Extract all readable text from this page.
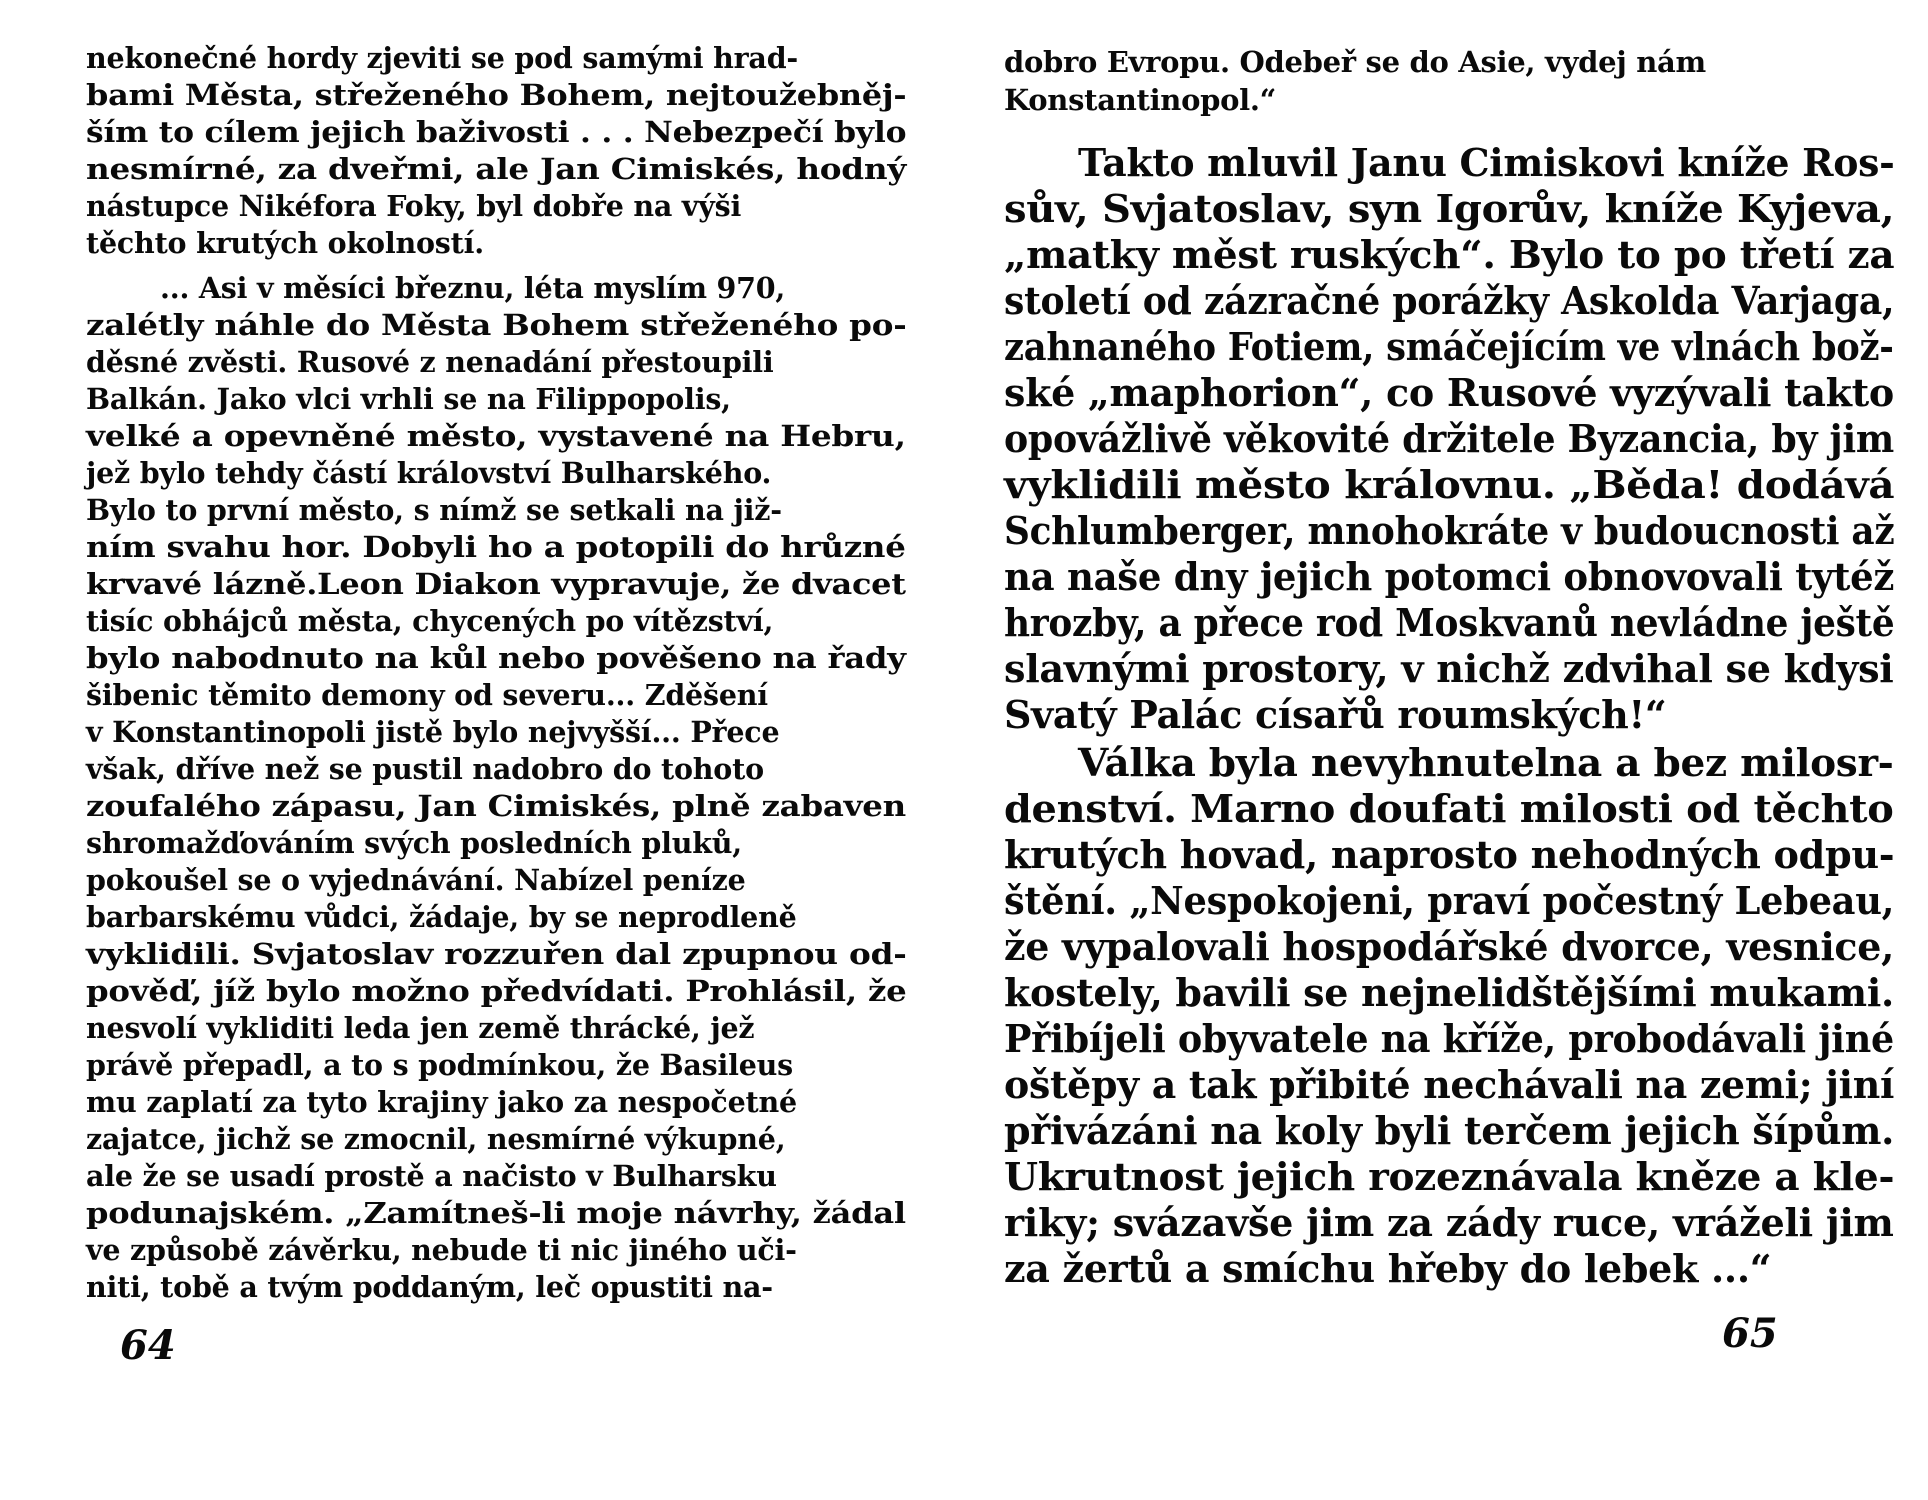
nekonečné hordy zjeviti se pod samými hrad-
bami Města, střeženého Bohem, nejtoužebněj-
ším to cílem jejich baživosti . . . Nebezpečí bylo
nesmírné, za dveřmi, ale Jan Cimiskés, hodný
nástupce Nikéfora Foky, byl dobře na výši
těchto krutých okolností.
... Asi v měsíci březnu, léta myslím 970,
zalétly náhle do Města Bohem střeženého po-
děsné zvěsti. Rusové z nenadání přestoupili
Balkán. Jako vlci vrhli se na Filippopolis,
velké a opevněné město, vystavené na Hebru,
jež bylo tehdy částí království Bulharského.
Bylo to první město, s nímž se setkali na již-
ním svahu hor. Dobyli ho a potopili do hrůzné
krvavé lázně.Leon Diakon vypravuje, že dvacet
tisíc obhájců města, chycených po vítězství,
bylo nabodnuto na kůl nebo pověšeno na řady
šibenic těmito demony od severu... Zděšení
v Konstantinopoli jistě bylo nejvyšší... Přece
však, dříve než se pustil nadobro do tohoto
zoufalého zápasu, Jan Cimiskés, plně zabaven
shromažďováním svých posledních pluků,
pokoušel se o vyjednávání. Nabízel peníze
barbarskému vůdci, žádaje, by se neprodleně
vyklidili. Svjatoslav rozzuřen dal zpupnou od-
pověď, jíž bylo možno předvídati. Prohlásil, že
nesvolí vykliditi leda jen země thrácké, jež
právě přepadl, a to s podmínkou, že Basileus
mu zaplatí za tyto krajiny jako za nespočetné
zajatce, jichž se zmocnil, nesmírné výkupné,
ale že se usadí prostě a načisto v Bulharsku
podunajském. „Zamítneš-li moje návrhy, žádal
ve způsobě závěrku, nebude ti nic jiného uči-
niti, tobě a tvým poddaným, leč opustiti na-
64
dobro Evropu. Odebeř se do Asie, vydej nám
Konstantinopol.“
Takto mluvil Janu Cimiskovi kníže Ros-
sův, Svjatoslav, syn Igorův, kníže Kyjeva,
„matky měst ruských“. Bylo to po třetí za
století od zázračné porážky Askolda Varjaga,
zahnaného Fotiem, smáčejícím ve vlnách bož-
ské „maphorion“, co Rusové vyzývali takto
opovážlivě věkovité držitele Byzancia, by jim
vyklidili město královnu. „Běda! dodává
Schlumberger, mnohokráte v budoucnosti až
na naše dny jejich potomci obnovovali tytéž
hrozby, a přece rod Moskvanů nevládne ještě
slavnými prostory, v nichž zdvihal se kdysi
Svatý Palác císařů roumských!“
Válka byla nevyhnutelna a bez milosr-
denství. Marno doufati milosti od těchto
krutých hovad, naprosto nehodných odpu-
štění. „Nespokojeni, praví počestný Lebeau,
že vypalovali hospodářské dvorce, vesnice,
kostely, bavili se nejnelidštějšími mukami.
Přibíjeli obyvatele na kříže, probodávali jiné
oštěpy a tak přibité nechávali na zemi; jiní
přivázáni na koly byli terčem jejich šípům.
Ukrutnost jejich rozeznávala kněze a kle-
riky; svázavše jim za zády ruce, vráželi jim
za žertů a smíchu hřeby do lebek ...“
65
